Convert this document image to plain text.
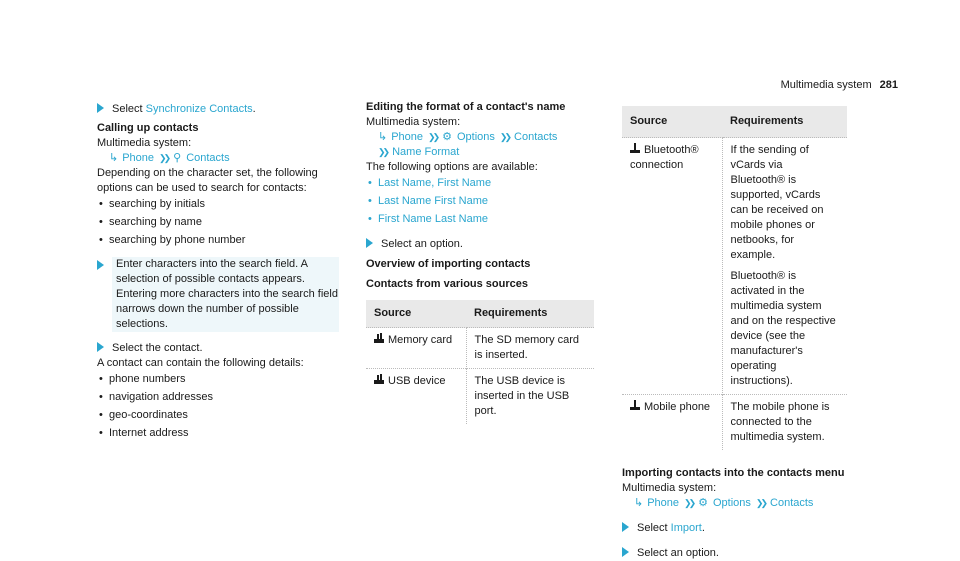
Multimedia system 281
Select Synchronize Contacts.
Calling up contacts
Multimedia system:
↳ Phone ❯❯ ⚲ Contacts
Depending on the character set, the following options can be used to search for contacts:
• searching by initials
• searching by name
• searching by phone number
Enter characters into the search field. A selection of possible contacts appears. Entering more characters into the search field narrows down the number of possible selections.
Select the contact.
A contact can contain the following details:
• phone numbers
• navigation addresses
• geo-coordinates
• Internet address
Editing the format of a contact's name
Multimedia system:
↳ Phone ❯❯ ⚙ Options ❯❯ Contacts
❯❯ Name Format
The following options are available:
• Last Name, First Name
• Last Name First Name
• First Name Last Name
Select an option.
Overview of importing contacts
Contacts from various sources
Source	Requirements
Memory card	The SD memory card is inserted.
USB device	The USB device is inserted in the USB port.
Source	Requirements
Bluetooth® connection	If the sending of vCards via Bluetooth® is supported, vCards can be received on mobile phones or netbooks, for example.
Bluetooth® is activated in the multimedia system and on the respective device (see the manufacturer's operating instructions).

Mobile phone	The mobile phone is connected to the multimedia system.
Importing contacts into the contacts menu
Multimedia system:
↳ Phone ❯❯ ⚙ Options ❯❯ Contacts
Select Import.
Select an option.
